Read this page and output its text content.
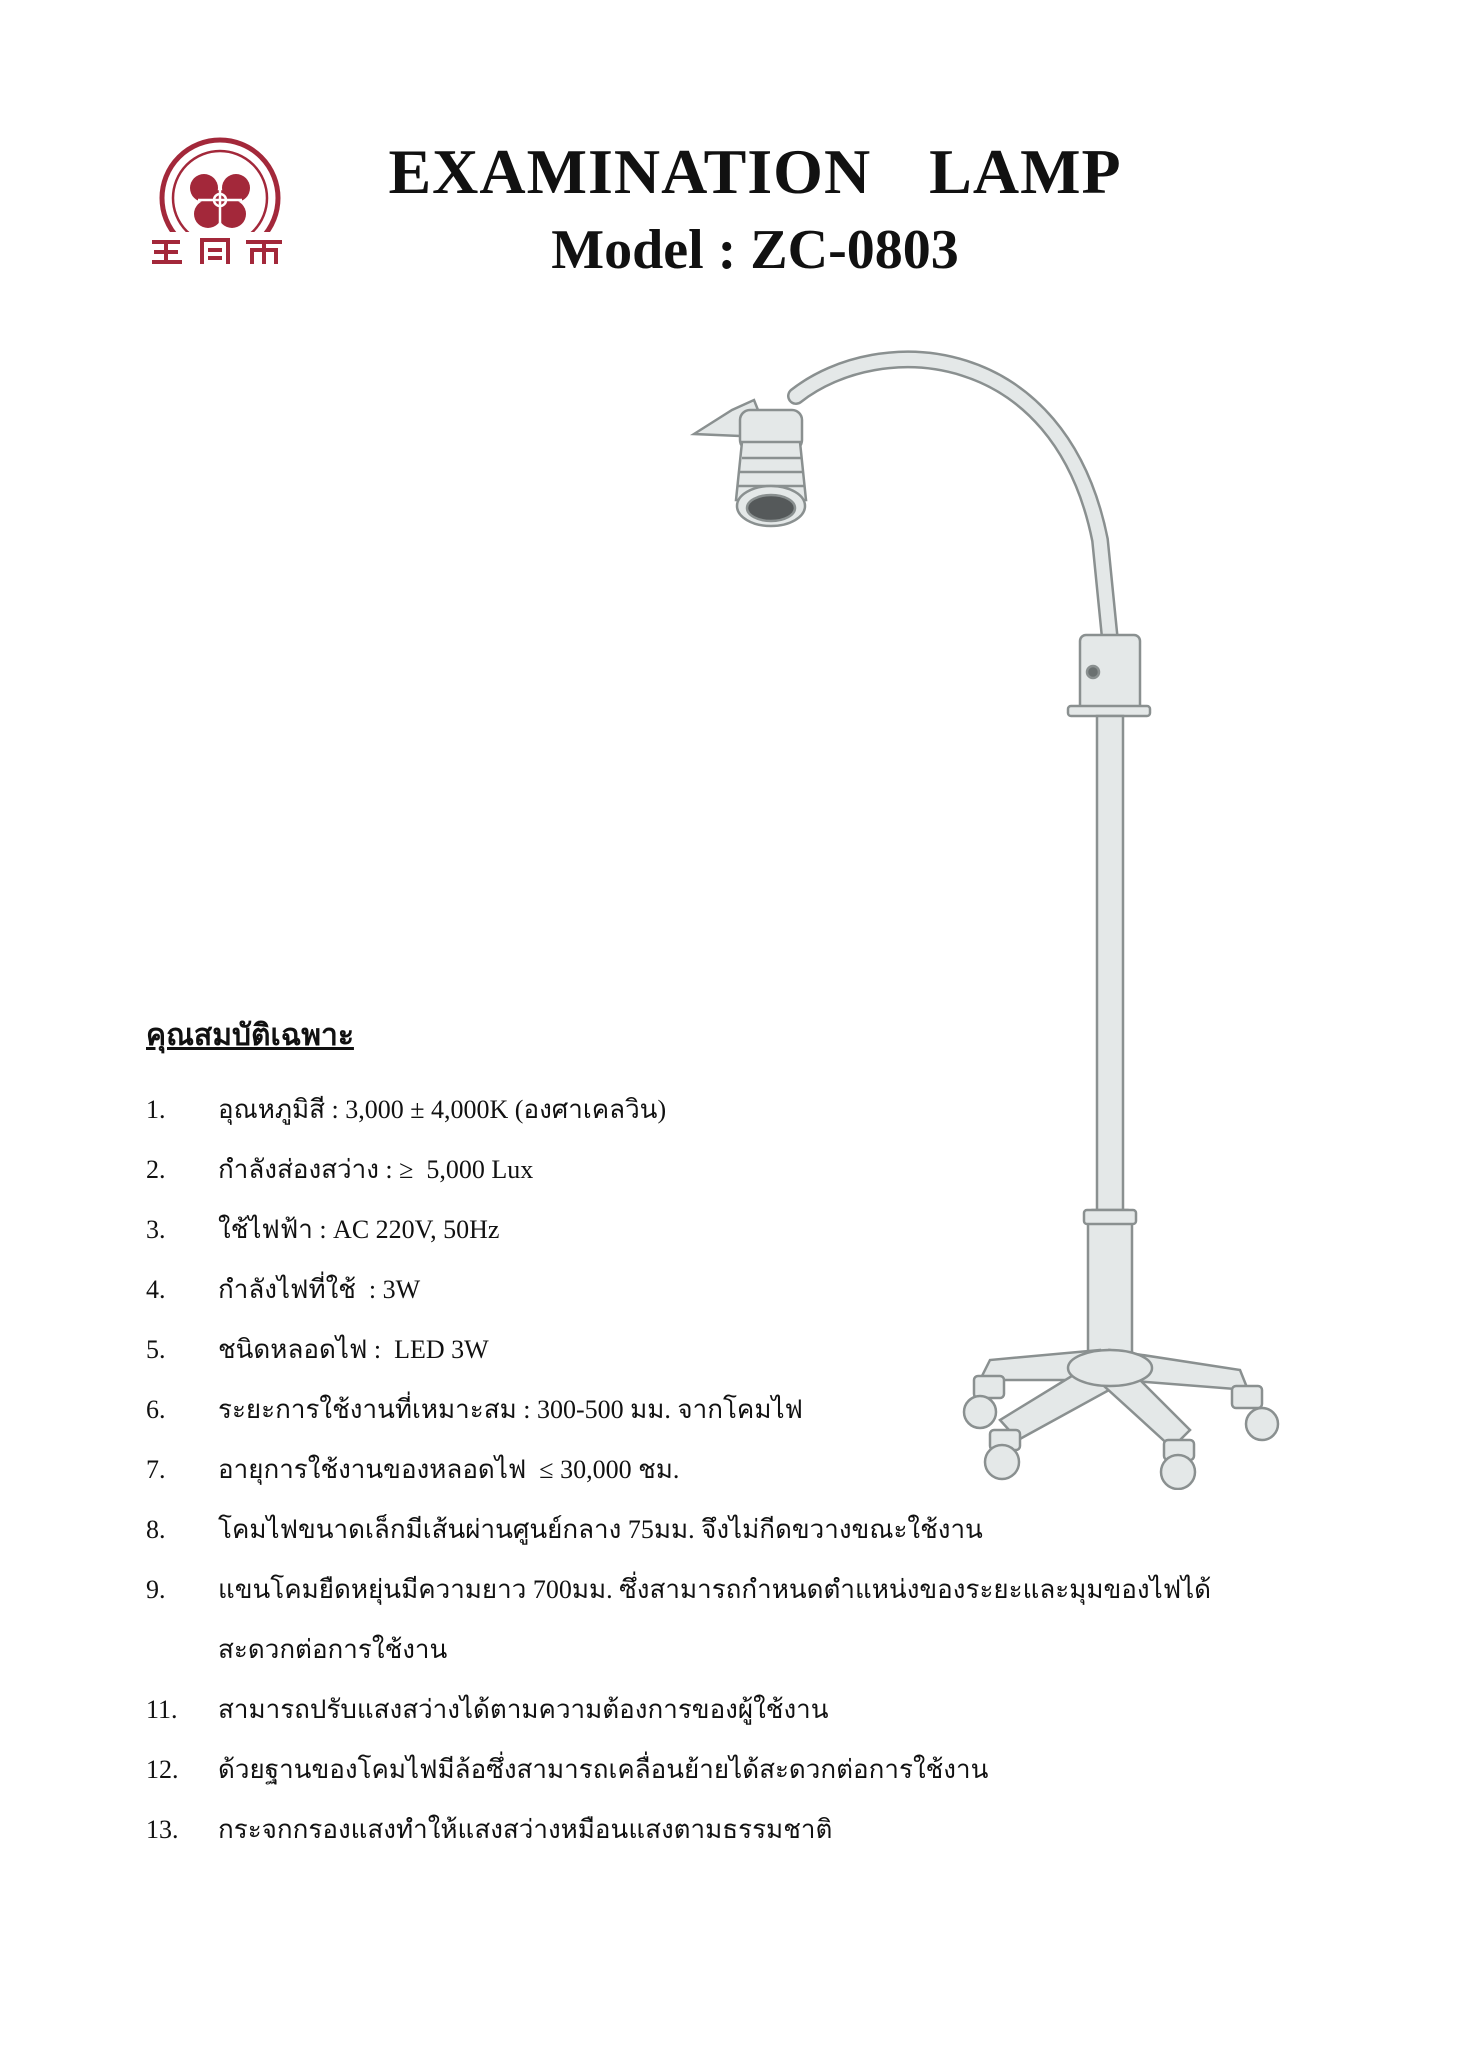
EXAMINATION  LAMP
Model : ZC-0803
คุณสมบัติเฉพาะ
1.	อุณหภูมิสี : 3,000 ± 4,000K (องศาเคลวิน)
2.	กำลังส่องสว่าง : ≥  5,000 Lux
3.	ใช้ไฟฟ้า : AC 220V, 50Hz
4.	กำลังไฟที่ใช้  : 3W
5.	ชนิดหลอดไฟ :  LED 3W
6.	ระยะการใช้งานที่เหมาะสม : 300-500 มม. จากโคมไฟ
7.	อายุการใช้งานของหลอดไฟ  ≤ 30,000 ชม.
8.	โคมไฟขนาดเล็กมีเส้นผ่านศูนย์กลาง 75มม. จึงไม่กีดขวางขณะใช้งาน
9.	แขนโคมยืดหยุ่นมีความยาว 700มม. ซึ่งสามารถกำหนดตำแหน่งของระยะและมุมของไฟได้
สะดวกต่อการใช้งาน
11.	สามารถปรับแสงสว่างได้ตามความต้องการของผู้ใช้งาน
12.	ด้วยฐานของโคมไฟมีล้อซึ่งสามารถเคลื่อนย้ายได้สะดวกต่อการใช้งาน
13.	กระจกกรองแสงทำให้แสงสว่างหมือนแสงตามธรรมชาติ
